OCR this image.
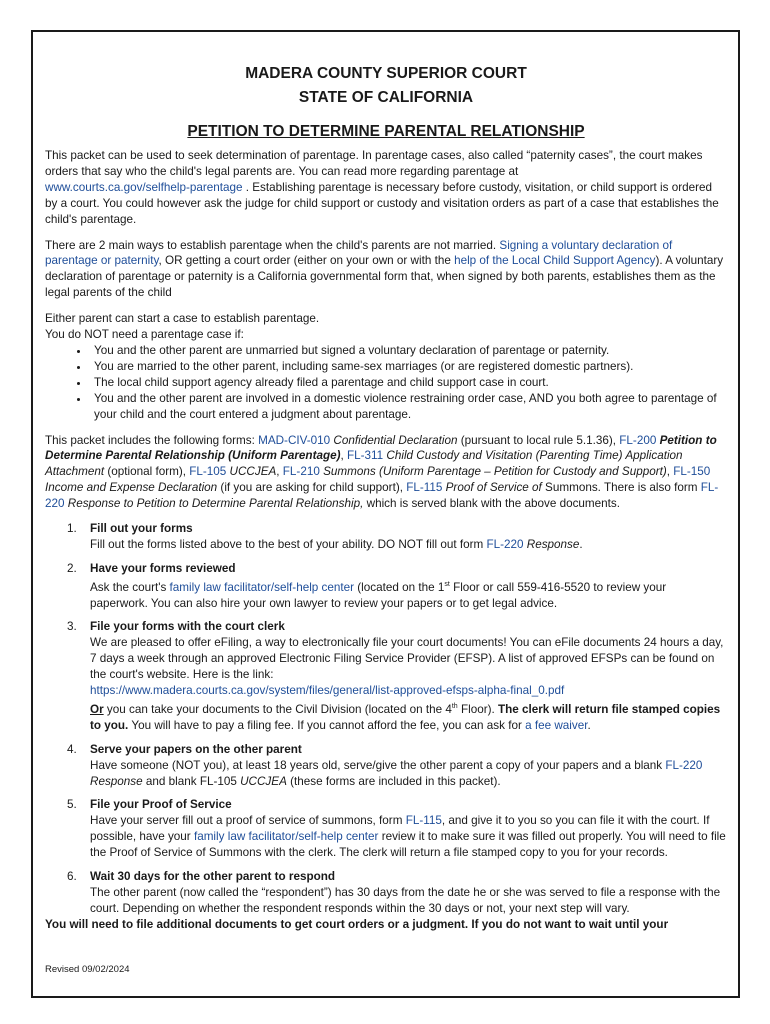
MADERA COUNTY SUPERIOR COURT
STATE OF CALIFORNIA
PETITION TO DETERMINE PARENTAL RELATIONSHIP

This packet can be used to seek determination of parentage. In parentage cases, also called “paternity cases”, the court makes orders that say who the child's legal parents are. You can read more regarding parentage at
www.courts.ca.gov/selfhelp-parentage . Establishing parentage is necessary before custody, visitation, or child support is ordered by a court. You could however ask the judge for child support or custody and visitation orders as part of a case that establishes the child's parentage.

There are 2 main ways to establish parentage when the child's parents are not married. Signing a voluntary declaration of parentage or paternity, OR getting a court order (either on your own or with the help of the Local Child Support Agency). A voluntary declaration of parentage or paternity is a California governmental form that, when signed by both parents, establishes them as the legal parents of the child

Either parent can start a case to establish parentage.
You do NOT need a parentage case if:

• You and the other parent are unmarried but signed a voluntary declaration of parentage or paternity.
• You are married to the other parent, including same-sex marriages (or are registered domestic partners).
• The local child support agency already filed a parentage and child support case in court.
• You and the other parent are involved in a domestic violence restraining order case, AND you both agree to parentage of your child and the court entered a judgment about parentage.

This packet includes the following forms: MAD-CIV-010 Confidential Declaration (pursuant to local rule 5.1.36), FL-200 Petition to Determine Parental Relationship (Uniform Parentage), FL-311 Child Custody and Visitation (Parenting Time) Application Attachment (optional form), FL-105 UCCJEA, FL-210 Summons (Uniform Parentage – Petition for Custody and Support), FL-150 Income and Expense Declaration (if you are asking for child support), FL-115 Proof of Service of Summons. There is also form FL-220 Response to Petition to Determine Parental Relationship, which is served blank with the above documents.

1. Fill out your forms
Fill out the forms listed above to the best of your ability. DO NOT fill out form FL-220 Response.
2. Have your forms reviewed
Ask the court's family law facilitator/self-help center (located on the 1st Floor or call 559-416-5520 to review your paperwork. You can also hire your own lawyer to review your papers or to get legal advice.
3. File your forms with the court clerk
We are pleased to offer eFiling, a way to electronically file your court documents! You can eFile documents 24 hours a day, 7 days a week through an approved Electronic Filing Service Provider (EFSP). A list of approved EFSPs can be found on the court's website. Here is the link:
https://www.madera.courts.ca.gov/system/files/general/list-approved-efsps-alpha-final_0.pdf
Or you can take your documents to the Civil Division (located on the 4th Floor). The clerk will return file stamped copies to you. You will have to pay a filing fee. If you cannot afford the fee, you can ask for a fee waiver.
4. Serve your papers on the other parent
Have someone (NOT you), at least 18 years old, serve/give the other parent a copy of your papers and a blank FL-220 Response and blank FL-105 UCCJEA (these forms are included in this packet).
5. File your Proof of Service
Have your server fill out a proof of service of summons, form FL-115, and give it to you so you can file it with the court. If possible, have your family law facilitator/self-help center review it to make sure it was filled out properly. You will need to file the Proof of Service of Summons with the clerk. The clerk will return a file stamped copy to you for your records.
6. Wait 30 days for the other parent to respond
The other parent (now called the “respondent”) has 30 days from the date he or she was served to file a response with the court. Depending on whether the respondent responds within the 30 days or not, your next step will vary.

You will need to file additional documents to get court orders or a judgment. If you do not want to wait until your

Revised 09/02/2024
